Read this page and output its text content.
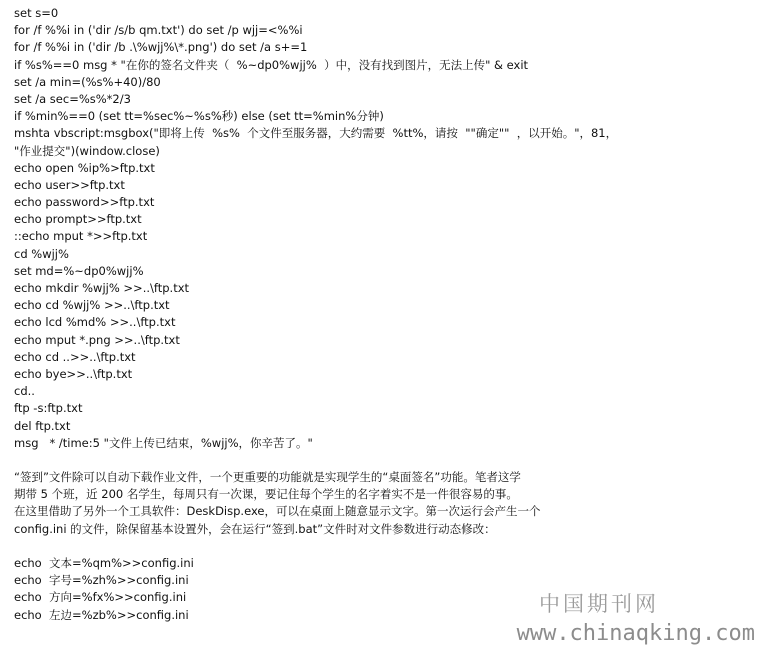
set s=0
for /f %%i in ('dir /s/b qm.txt') do set /p wjj=<%%i
for /f %%i in ('dir /b .\%wjj%\*.png') do set /a s+=1
if %s%==0 msg * "在你的签名文件夹（  %~dp0%wjj%  ）中，没有找到图片，无法上传" & exit
set /a min=(%s%+40)/80
set /a sec=%s%*2/3
if %min%==0 (set tt=%sec%~%s%秒) else (set tt=%min%分钟)
mshta vbscript:msgbox("即将上传  %s%  个文件至服务器，大约需要  %tt%，请按  ""确定""  ，以开始。"，81，
"作业提交")(window.close)
echo open %ip%>ftp.txt
echo user>>ftp.txt
echo password>>ftp.txt
echo prompt>>ftp.txt
::echo mput *>>ftp.txt
cd %wjj%
set md=%~dp0%wjj%
echo mkdir %wjj% >>..\ftp.txt
echo cd %wjj% >>..\ftp.txt
echo lcd %md% >>..\ftp.txt
echo mput *.png >>..\ftp.txt
echo cd ..>>..\ftp.txt
echo bye>>..\ftp.txt
cd..
ftp -s:ftp.txt
del ftp.txt
msg   * /time:5 "文件上传已结束，%wjj%，你辛苦了。"
“签到”文件除可以自动下载作业文件，一个更重要的功能就是实现学生的“桌面签名”功能。笔者这学
期带 5 个班，近 200 名学生，每周只有一次课，要记住每个学生的名字着实不是一件很容易的事。
在这里借助了另外一个工具软件：DeskDisp.exe，可以在桌面上随意显示文字。第一次运行会产生一个
config.ini 的文件，除保留基本设置外，会在运行“签到.bat”文件时对文件参数进行动态修改：
echo  文本=%qm%>>config.ini
echo  字号=%zh%>>config.ini
echo  方向=%fx%>>config.ini
echo  左边=%zb%>>config.ini	中国期刊网
www.chinaqking.com
